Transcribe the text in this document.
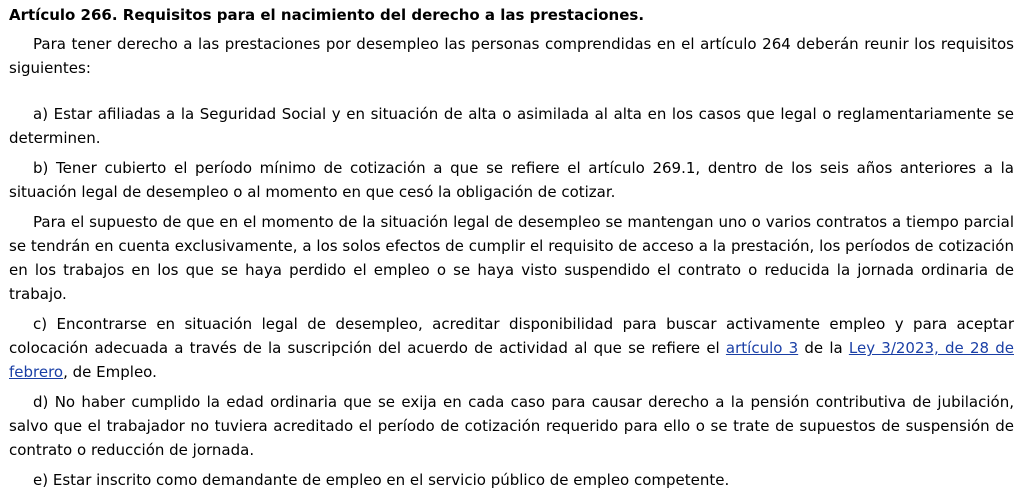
Artículo 266. Requisitos para el nacimiento del derecho a las prestaciones.

Para tener derecho a las prestaciones por desempleo las personas comprendidas en el artículo 264 deberán reunir los requisitos siguientes:

a) Estar afiliadas a la Seguridad Social y en situación de alta o asimilada al alta en los casos que legal o reglamentariamente se determinen.

b) Tener cubierto el período mínimo de cotización a que se refiere el artículo 269.1, dentro de los seis años anteriores a la situación legal de desempleo o al momento en que cesó la obligación de cotizar.

Para el supuesto de que en el momento de la situación legal de desempleo se mantengan uno o varios contratos a tiempo parcial se tendrán en cuenta exclusivamente, a los solos efectos de cumplir el requisito de acceso a la prestación, los períodos de cotización en los trabajos en los que se haya perdido el empleo o se haya visto suspendido el contrato o reducida la jornada ordinaria de trabajo.

c) Encontrarse en situación legal de desempleo, acreditar disponibilidad para buscar activamente empleo y para aceptar colocación adecuada a través de la suscripción del acuerdo de actividad al que se refiere el artículo 3 de la Ley 3/2023, de 28 de febrero, de Empleo.

d) No haber cumplido la edad ordinaria que se exija en cada caso para causar derecho a la pensión contributiva de jubilación, salvo que el trabajador no tuviera acreditado el período de cotización requerido para ello o se trate de supuestos de suspensión de contrato o reducción de jornada.

e) Estar inscrito como demandante de empleo en el servicio público de empleo competente.
